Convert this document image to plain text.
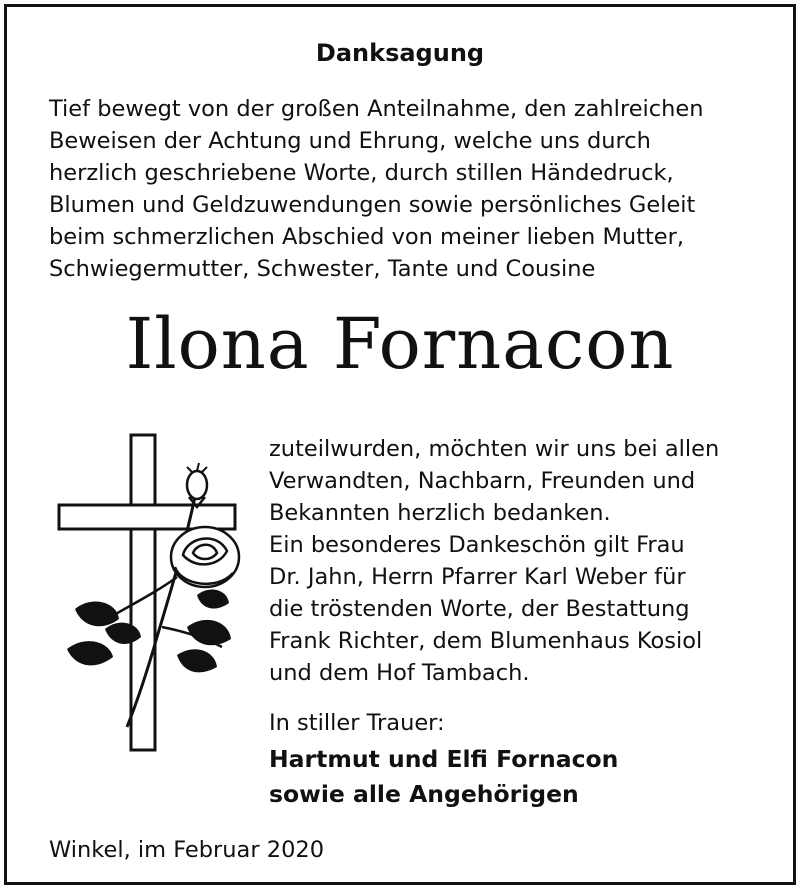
Danksagung
Tief bewegt von der großen Anteilnahme, den zahlreichen
Beweisen der Achtung und Ehrung, welche uns durch
herzlich geschriebene Worte, durch stillen Händedruck,
Blumen und Geldzuwendungen sowie persönliches Geleit
beim schmerzlichen Abschied von meiner lieben Mutter,
Schwiegermutter, Schwester, Tante und Cousine
Ilona Fornacon
zuteilwurden, möchten wir uns bei allen
Verwandten, Nachbarn, Freunden und
Bekannten herzlich bedanken.
Ein besonderes Dankeschön gilt Frau
Dr. Jahn, Herrn Pfarrer Karl Weber für
die tröstenden Worte, der Bestattung
Frank Richter, dem Blumenhaus Kosiol
und dem Hof Tambach.
In stiller Trauer:
Hartmut und Elfi Fornacon
sowie alle Angehörigen
Winkel, im Februar 2020
